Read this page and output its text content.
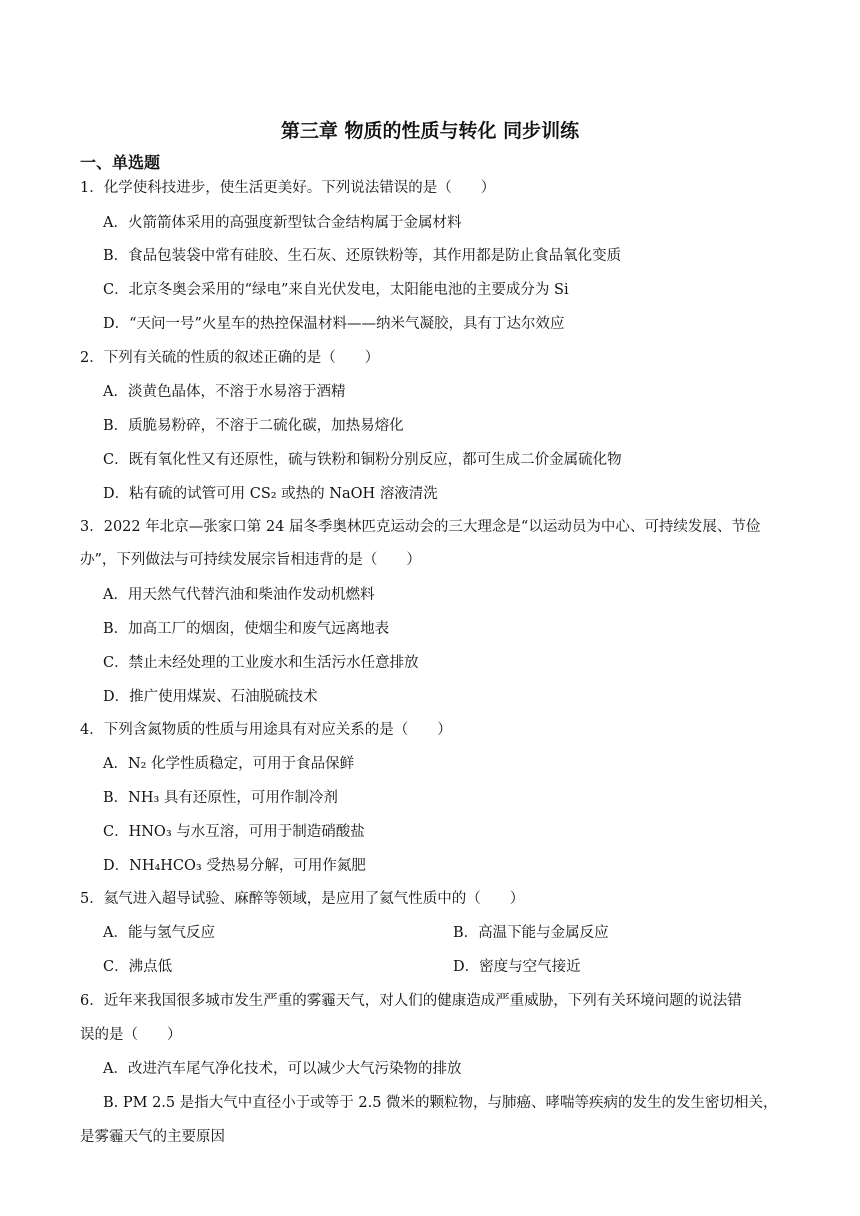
第三章 物质的性质与转化 同步训练
一、单选题
1．化学使科技进步，使生活更美好。下列说法错误的是（　　）
A．火箭箭体采用的高强度新型钛合金结构属于金属材料
B．食品包装袋中常有硅胶、生石灰、还原铁粉等，其作用都是防止食品氧化变质
C．北京冬奥会采用的“绿电”来自光伏发电，太阳能电池的主要成分为 Si
D．“天问一号”火星车的热控保温材料——纳米气凝胶，具有丁达尔效应
2．下列有关硫的性质的叙述正确的是（　　）
A．淡黄色晶体，不溶于水易溶于酒精
B．质脆易粉碎，不溶于二硫化碳，加热易熔化
C．既有氧化性又有还原性，硫与铁粉和铜粉分别反应，都可生成二价金属硫化物
D．粘有硫的试管可用 CS₂ 或热的 NaOH 溶液清洗
3．2022 年北京—张家口第 24 届冬季奥林匹克运动会的三大理念是“以运动员为中心、可持续发展、节俭
办”，下列做法与可持续发展宗旨相违背的是（　　）
A．用天然气代替汽油和柴油作发动机燃料
B．加高工厂的烟囱，使烟尘和废气远离地表
C．禁止未经处理的工业废水和生活污水任意排放
D．推广使用煤炭、石油脱硫技术
4．下列含氮物质的性质与用途具有对应关系的是（　　）
A．N₂ 化学性质稳定，可用于食品保鲜
B．NH₃ 具有还原性，可用作制冷剂
C．HNO₃ 与水互溶，可用于制造硝酸盐
D．NH₄HCO₃ 受热易分解，可用作氮肥
5．氦气进入超导试验、麻醉等领域，是应用了氦气性质中的（　　）
A．能与氢气反应	B．高温下能与金属反应
C．沸点低	D．密度与空气接近
6．近年来我国很多城市发生严重的雾霾天气，对人们的健康造成严重威胁，下列有关环境问题的说法错
误的是（　　）
A．改进汽车尾气净化技术，可以减少大气污染物的排放
B. PM 2.5 是指大气中直径小于或等于 2.5 微米的颗粒物，与肺癌、哮喘等疾病的发生的发生密切相关，
是雾霾天气的主要原因
